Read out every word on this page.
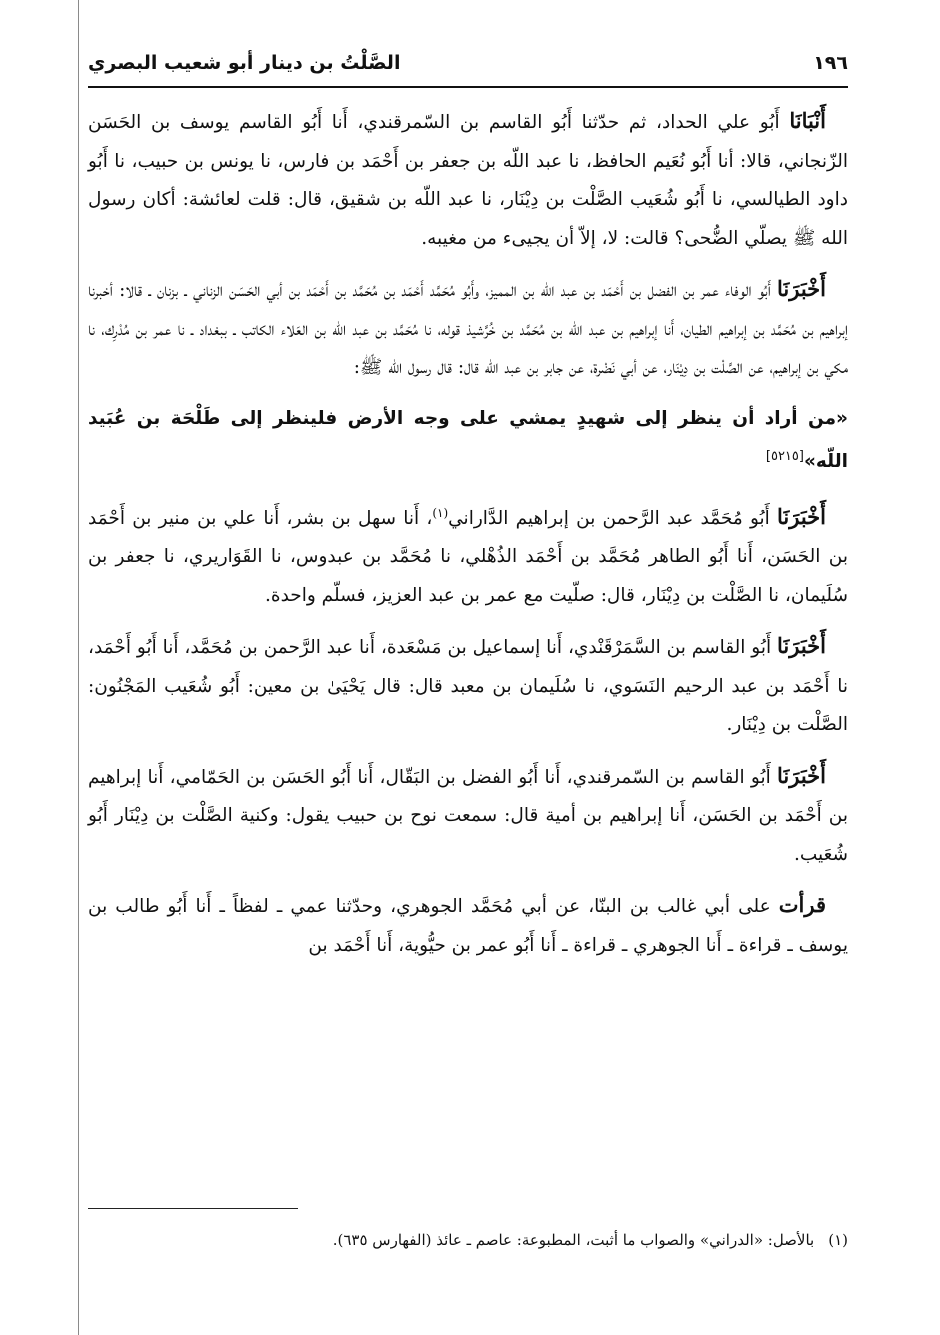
١٩٦
الصَّلْتُ بن دينار أبو شعيب البصري

أَنْبَانَا أَبُو علي الحداد، ثم حدّثنا أَبُو القاسم بن السّمرقندي، أَنا أَبُو القاسم يوسف بن الحَسَن الزّنجاني، قالا: أنا أَبُو نُعَيم الحافظ، نا عبد اللّه بن جعفر بن أَحْمَد بن فارس، نا يونس بن حبيب، نا أَبُو داود الطيالسي، نا أَبُو شُعَيب الصَّلْت بن دِيْنَار، نا عبد اللّه بن شقيق، قال: قلت لعائشة: أكان رسول الله ﷺ يصلّي الضُّحى؟ قالت: لا، إلاّ أن يجيىء من مغيبه.

أَخْبَرَنَا أَبُو الوفاء عمر بن الفضل بن أَحْمَد بن عبد اللّه بن المميز، وأَبُو مُحَمَّد أَحْمَد بن مُحَمَّد بن أَحْمَد بن أبي الحَسَن الزناني ـ بزنان ـ قالا: أخبرنا إبراهيم بن مُحَمَّد بن إبراهيم الطيان، أَنا إبراهيم بن عبد اللّه بن مُحَمَّد بن خُرَّشيذ قوله، نا مُحَمَّد بن عبد اللّه بن العَلاء الكاتب ـ ببغداد ـ نا عمر بن مُدْرِك، نا مكي بن إبراهيم، عن الصَّلْت بن دِيْنَار، عن أبي نَضْرة، عن جابر بن عبد اللّه قال: قال رسول الله ﷺ:

«من أراد أن ينظر إلى شهيدٍ يمشي على وجه الأرض فلينظر إلى طَلْحَة بن عُبَيد اللّه»[٥٢١٥]

أَخْبَرَنَا أَبُو مُحَمَّد عبد الرَّحمن بن إبراهيم الدَّاراني$^{(١)}$، أَنا سهل بن بشر، أَنا علي بن منير بن أَحْمَد بن الحَسَن، أَنا أَبُو الطاهر مُحَمَّد بن أَحْمَد الذُهْلي، نا مُحَمَّد بن عبدوس، نا القَوَاريري، نا جعفر بن سُلَيمان، نا الصَّلْت بن دِيْنَار، قال: صلّيت مع عمر بن عبد العزيز، فسلّم واحدة.

أَخْبَرَنَا أَبُو القاسم بن السَّمَرْقَنْدي، أَنا إسماعيل بن مَسْعَدة، أَنا عبد الرَّحمن بن مُحَمَّد، أَنا أَبُو أَحْمَد، نا أَحْمَد بن عبد الرحيم النَسَوي، نا سُلَيمان بن معبد قال: قال يَحْيَىٰ بن معين: أَبُو شُعَيب المَجْنُون: الصَّلْت بن دِيْنَار.

أَخْبَرَنَا أَبُو القاسم بن السّمرقندي، أَنا أَبُو الفضل بن البَقّال، أَنا أَبُو الحَسَن بن الحَمّامي، أَنا إبراهيم بن أَحْمَد بن الحَسَن، أَنا إبراهيم بن أمية قال: سمعت نوح بن حبيب يقول: وكنية الصَّلْت بن دِيْنَار أَبُو شُعَيب.

قرأت على أبي غالب بن البنّا، عن أبي مُحَمَّد الجوهري، وحدّثنا عمي ـ لفظاً ـ أَنا أَبُو طالب بن يوسف ـ قراءة ـ أَنا الجوهري ـ قراءة ـ أَنا أَبُو عمر بن حيُّوية، أَنا أَحْمَد بن

(١)بالأصل: «الدراني» والصواب ما أثبت، المطبوعة: عاصم ـ عائذ (الفهارس ٦٣٥).
